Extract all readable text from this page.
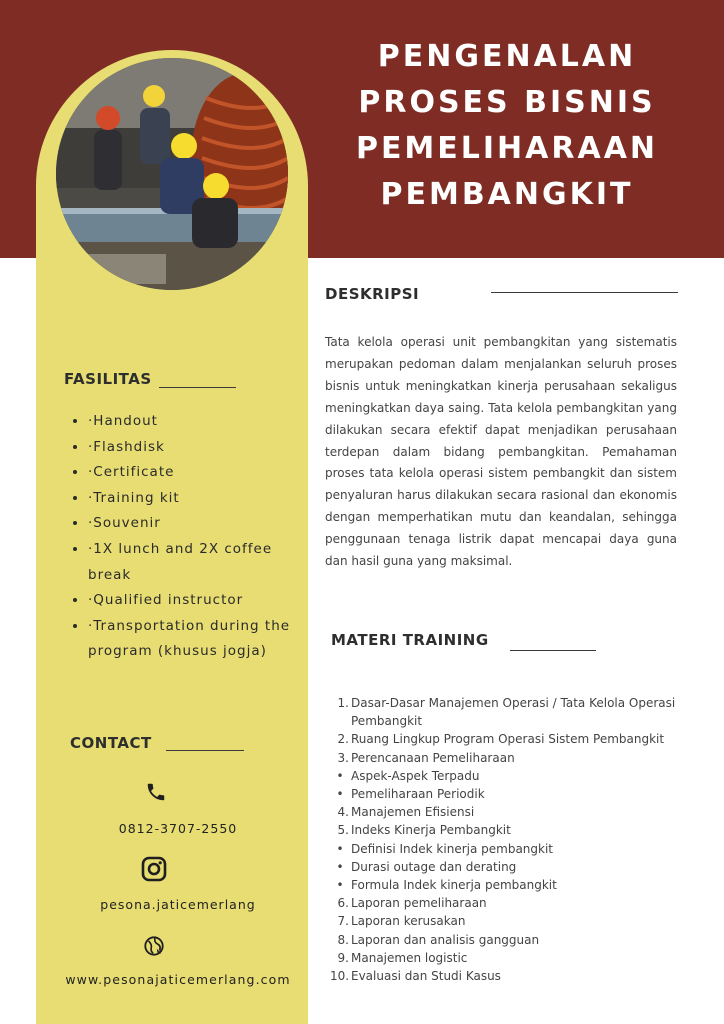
PENGENALAN
PROSES BISNIS
PEMELIHARAAN
PEMBANGKIT
FASILITAS
• ·Handout
• ·Flashdisk
• ·Certificate
• ·Training kit
• ·Souvenir
• ·1X lunch and 2X coffee break
• ·Qualified instructor
• ·Transportation during the program (khusus jogja)
CONTACT
0812-3707-2550
pesona.jaticemerlang
www.pesonajaticemerlang.com
DESKRIPSI

Tata kelola operasi unit pembangkitan yang sistematis merupakan pedoman dalam menjalankan seluruh proses bisnis untuk meningkatkan kinerja perusahaan sekaligus meningkatkan daya saing. Tata kelola pembangkitan yang dilakukan secara efektif dapat menjadikan perusahaan terdepan dalam bidang pembangkitan. Pemahaman proses tata kelola operasi sistem pembangkit dan sistem penyaluran harus dilakukan secara rasional dan ekonomis dengan memperhatikan mutu dan keandalan, sehingga penggunaan tenaga listrik dapat mencapai daya guna dan hasil guna yang maksimal.

MATERI TRAINING
1. Dasar-Dasar Manajemen Operasi / Tata Kelola Operasi Pembangkit
2. Ruang Lingkup Program Operasi Sistem Pembangkit
3. Perencanaan Pemeliharaan
• Aspek-Aspek Terpadu
• Pemeliharaan Periodik
4. Manajemen Efisiensi
5. Indeks Kinerja Pembangkit
• Definisi Indek kinerja pembangkit
• Durasi outage dan derating
• Formula Indek kinerja pembangkit
6. Laporan pemeliharaan
7. Laporan kerusakan
8. Laporan dan analisis gangguan
9. Manajemen logistic
10. Evaluasi dan Studi Kasus
